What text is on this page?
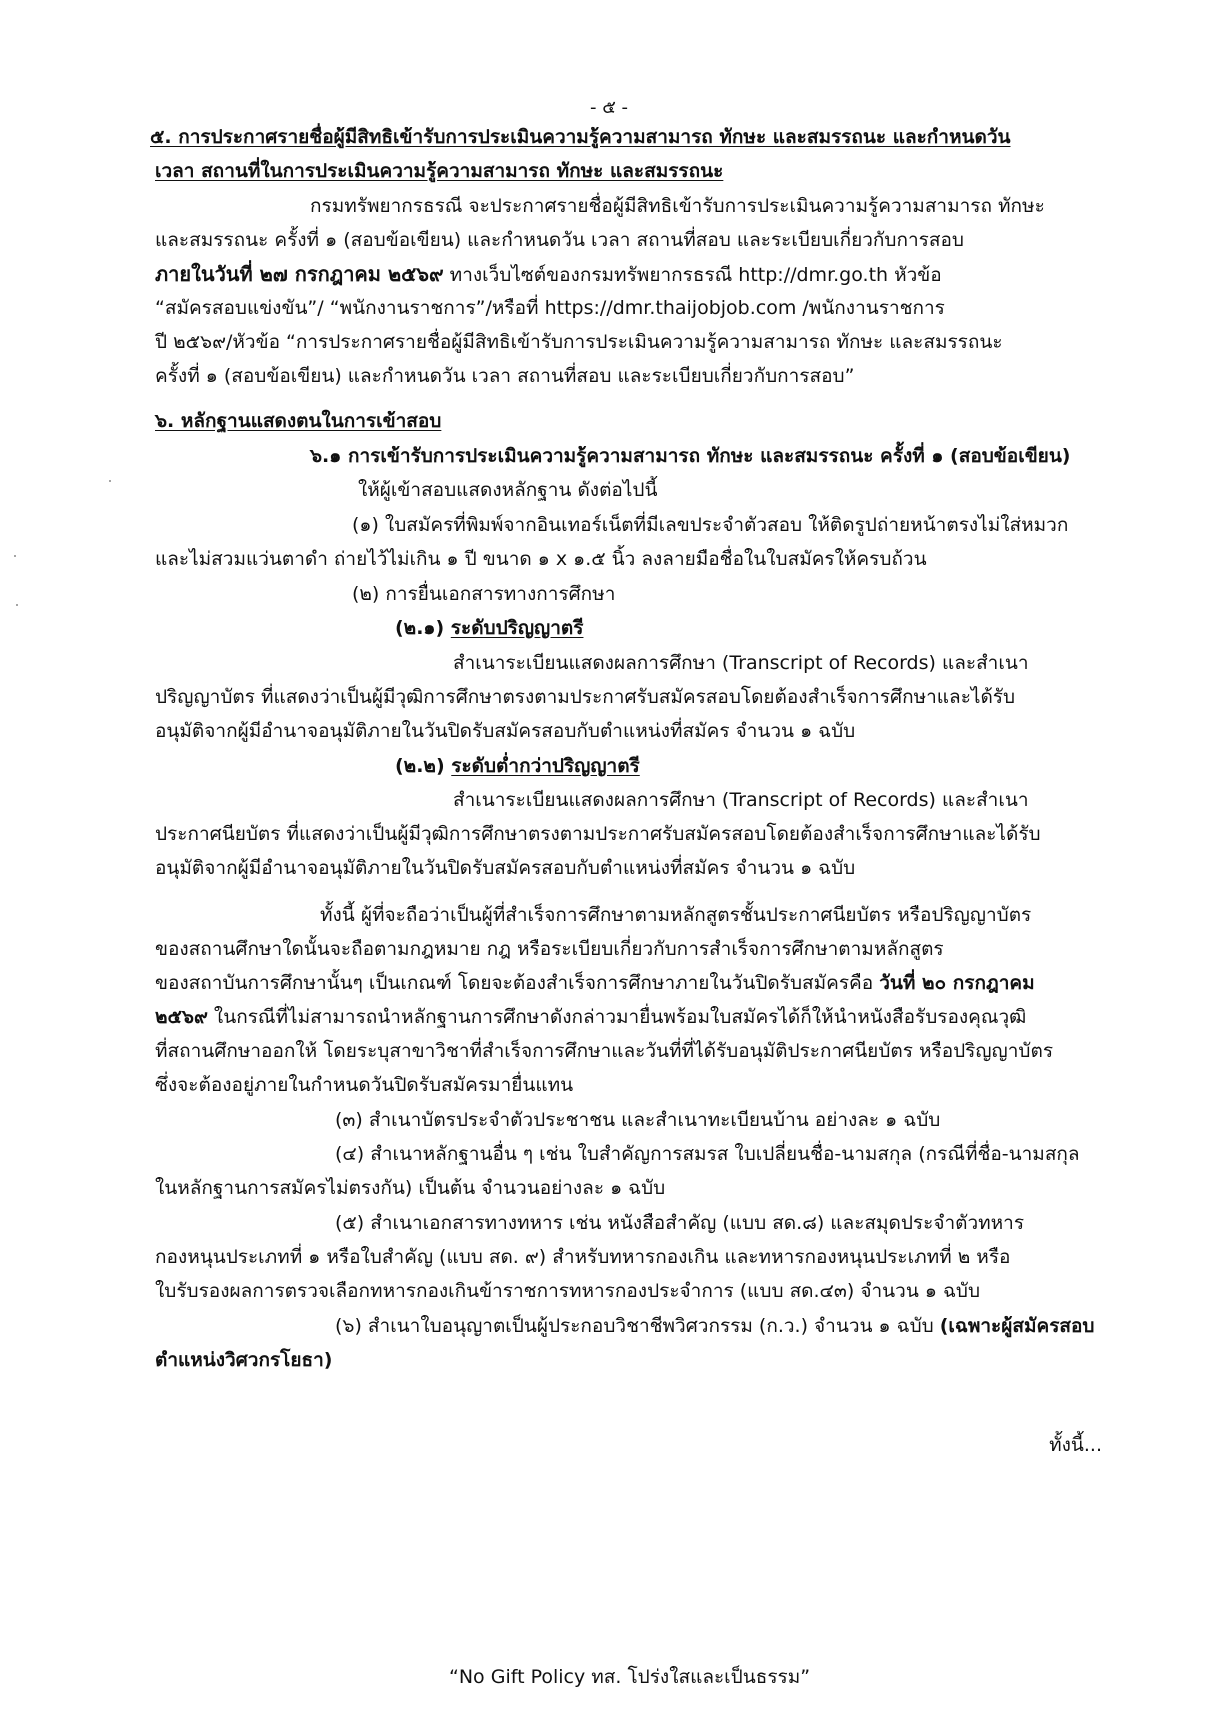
- ๕ -
๕. การประกาศรายชื่อผู้มีสิทธิเข้ารับการประเมินความรู้ความสามารถ ทักษะ และสมรรถนะ และกำหนดวัน
เวลา สถานที่ในการประเมินความรู้ความสามารถ ทักษะ และสมรรถนะ
กรมทรัพยากรธรณี จะประกาศรายชื่อผู้มีสิทธิเข้ารับการประเมินความรู้ความสามารถ ทักษะ
และสมรรถนะ ครั้งที่ ๑ (สอบข้อเขียน) และกำหนดวัน เวลา สถานที่สอบ และระเบียบเกี่ยวกับการสอบ
ภายในวันที่ ๒๗ กรกฎาคม ๒๕๖๙ ทางเว็บไซต์ของกรมทรัพยากรธรณี http://dmr.go.th หัวข้อ
“สมัครสอบแข่งขัน”/ “พนักงานราชการ”/หรือที่ https://dmr.thaijobjob.com /พนักงานราชการ
ปี ๒๕๖๙/หัวข้อ “การประกาศรายชื่อผู้มีสิทธิเข้ารับการประเมินความรู้ความสามารถ ทักษะ และสมรรถนะ
ครั้งที่ ๑ (สอบข้อเขียน) และกำหนดวัน เวลา สถานที่สอบ และระเบียบเกี่ยวกับการสอบ”
๖. หลักฐานแสดงตนในการเข้าสอบ
๖.๑ การเข้ารับการประเมินความรู้ความสามารถ ทักษะ และสมรรถนะ ครั้งที่ ๑ (สอบข้อเขียน)
ให้ผู้เข้าสอบแสดงหลักฐาน ดังต่อไปนี้
(๑) ใบสมัครที่พิมพ์จากอินเทอร์เน็ตที่มีเลขประจำตัวสอบ ให้ติดรูปถ่ายหน้าตรงไม่ใส่หมวก
และไม่สวมแว่นตาดำ ถ่ายไว้ไม่เกิน ๑ ปี ขนาด ๑ x ๑.๕ นิ้ว ลงลายมือชื่อในใบสมัครให้ครบถ้วน
(๒) การยื่นเอกสารทางการศึกษา
(๒.๑) ระดับปริญญาตรี
สำเนาระเบียนแสดงผลการศึกษา (Transcript of Records) และสำเนา
ปริญญาบัตร ที่แสดงว่าเป็นผู้มีวุฒิการศึกษาตรงตามประกาศรับสมัครสอบโดยต้องสำเร็จการศึกษาและได้รับ
อนุมัติจากผู้มีอำนาจอนุมัติภายในวันปิดรับสมัครสอบกับตำแหน่งที่สมัคร จำนวน ๑ ฉบับ
(๒.๒) ระดับต่ำกว่าปริญญาตรี
สำเนาระเบียนแสดงผลการศึกษา (Transcript of Records) และสำเนา
ประกาศนียบัตร ที่แสดงว่าเป็นผู้มีวุฒิการศึกษาตรงตามประกาศรับสมัครสอบโดยต้องสำเร็จการศึกษาและได้รับ
อนุมัติจากผู้มีอำนาจอนุมัติภายในวันปิดรับสมัครสอบกับตำแหน่งที่สมัคร จำนวน ๑ ฉบับ
ทั้งนี้ ผู้ที่จะถือว่าเป็นผู้ที่สำเร็จการศึกษาตามหลักสูตรชั้นประกาศนียบัตร หรือปริญญาบัตร
ของสถานศึกษาใดนั้นจะถือตามกฎหมาย กฎ หรือระเบียบเกี่ยวกับการสำเร็จการศึกษาตามหลักสูตร
ของสถาบันการศึกษานั้นๆ เป็นเกณฑ์ โดยจะต้องสำเร็จการศึกษาภายในวันปิดรับสมัครคือ วันที่ ๒๐ กรกฎาคม
๒๕๖๙ ในกรณีที่ไม่สามารถนำหลักฐานการศึกษาดังกล่าวมายื่นพร้อมใบสมัครได้ก็ให้นำหนังสือรับรองคุณวุฒิ
ที่สถานศึกษาออกให้ โดยระบุสาขาวิชาที่สำเร็จการศึกษาและวันที่ที่ได้รับอนุมัติประกาศนียบัตร หรือปริญญาบัตร
ซึ่งจะต้องอยู่ภายในกำหนดวันปิดรับสมัครมายื่นแทน
(๓) สำเนาบัตรประจำตัวประชาชน และสำเนาทะเบียนบ้าน อย่างละ ๑ ฉบับ
(๔) สำเนาหลักฐานอื่น ๆ เช่น ใบสำคัญการสมรส ใบเปลี่ยนชื่อ-นามสกุล (กรณีที่ชื่อ-นามสกุล
ในหลักฐานการสมัครไม่ตรงกัน) เป็นต้น จำนวนอย่างละ ๑ ฉบับ
(๕) สำเนาเอกสารทางทหาร เช่น หนังสือสำคัญ (แบบ สด.๘) และสมุดประจำตัวทหาร
กองหนุนประเภทที่ ๑ หรือใบสำคัญ (แบบ สด. ๙) สำหรับทหารกองเกิน และทหารกองหนุนประเภทที่ ๒ หรือ
ใบรับรองผลการตรวจเลือกทหารกองเกินข้าราชการทหารกองประจำการ (แบบ สด.๔๓) จำนวน ๑ ฉบับ
(๖) สำเนาใบอนุญาตเป็นผู้ประกอบวิชาชีพวิศวกรรม (ก.ว.) จำนวน ๑ ฉบับ (เฉพาะผู้สมัครสอบ
ตำแหน่งวิศวกรโยธา)
ทั้งนี้...
“No Gift Policy ทส. โปร่งใสและเป็นธรรม”
